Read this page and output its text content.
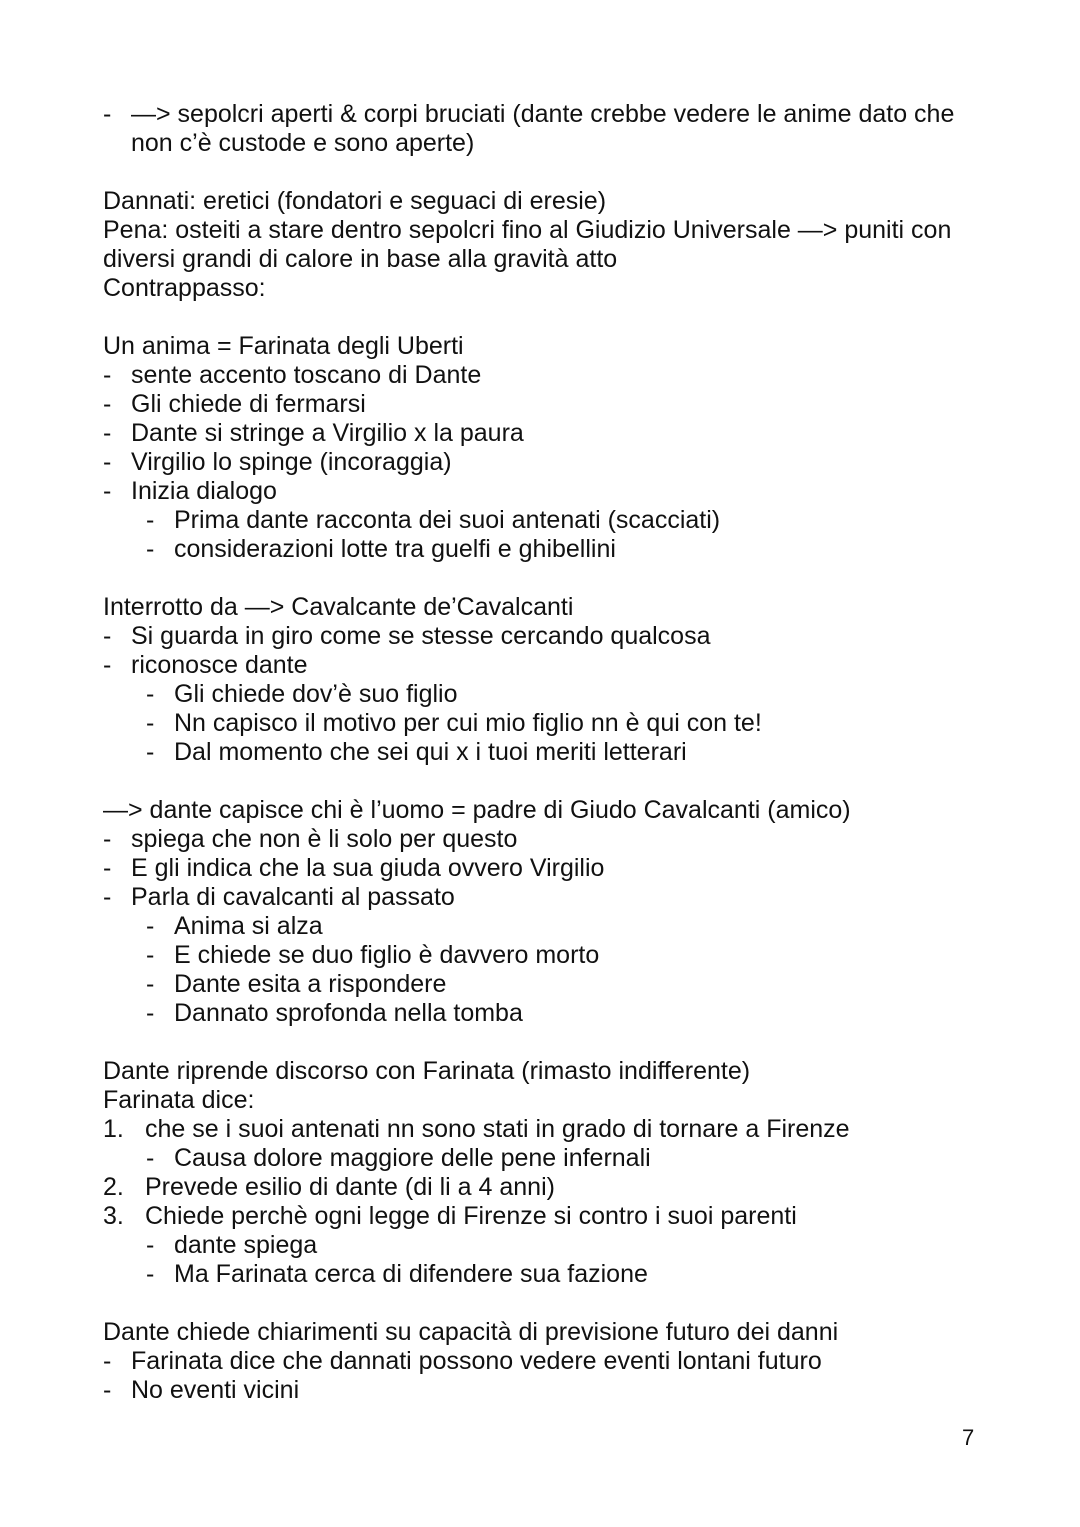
- —> sepolcri aperti & corpi bruciati (dante crebbe vedere le anime dato che
non c’è custode e sono aperte)
Dannati: eretici (fondatori e seguaci di eresie)
Pena: osteiti a stare dentro sepolcri fino al Giudizio Universale —> puniti con
diversi grandi di calore in base alla gravità atto
Contrappasso:
Un anima = Farinata degli Uberti
- sente accento toscano di Dante
- Gli chiede di fermarsi
- Dante si stringe a Virgilio x la paura
- Virgilio lo spinge (incoraggia)
- Inizia dialogo
- Prima dante racconta dei suoi antenati (scacciati)
- considerazioni lotte tra guelfi e ghibellini
Interrotto da —> Cavalcante de’Cavalcanti
- Si guarda in giro come se stesse cercando qualcosa
- riconosce dante
- Gli chiede dov’è suo figlio
- Nn capisco il motivo per cui mio figlio nn è qui con te!
- Dal momento che sei qui x i tuoi meriti letterari
—> dante capisce chi è l’uomo = padre di Giudo Cavalcanti (amico)
- spiega che non è li solo per questo
- E gli indica che la sua giuda ovvero Virgilio
- Parla di cavalcanti al passato
- Anima si alza
- E chiede se duo figlio è davvero morto
- Dante esita a rispondere
- Dannato sprofonda nella tomba
Dante riprende discorso con Farinata (rimasto indifferente)
Farinata dice:
1. che se i suoi antenati nn sono stati in grado di tornare a Firenze
- Causa dolore maggiore delle pene infernali
2. Prevede esilio di dante (di li a 4 anni)
3. Chiede perchè ogni legge di Firenze si contro i suoi parenti
- dante spiega
- Ma Farinata cerca di difendere sua fazione
Dante chiede chiarimenti su capacità di previsione futuro dei danni
- Farinata dice che dannati possono vedere eventi lontani futuro
- No eventi vicini
7
